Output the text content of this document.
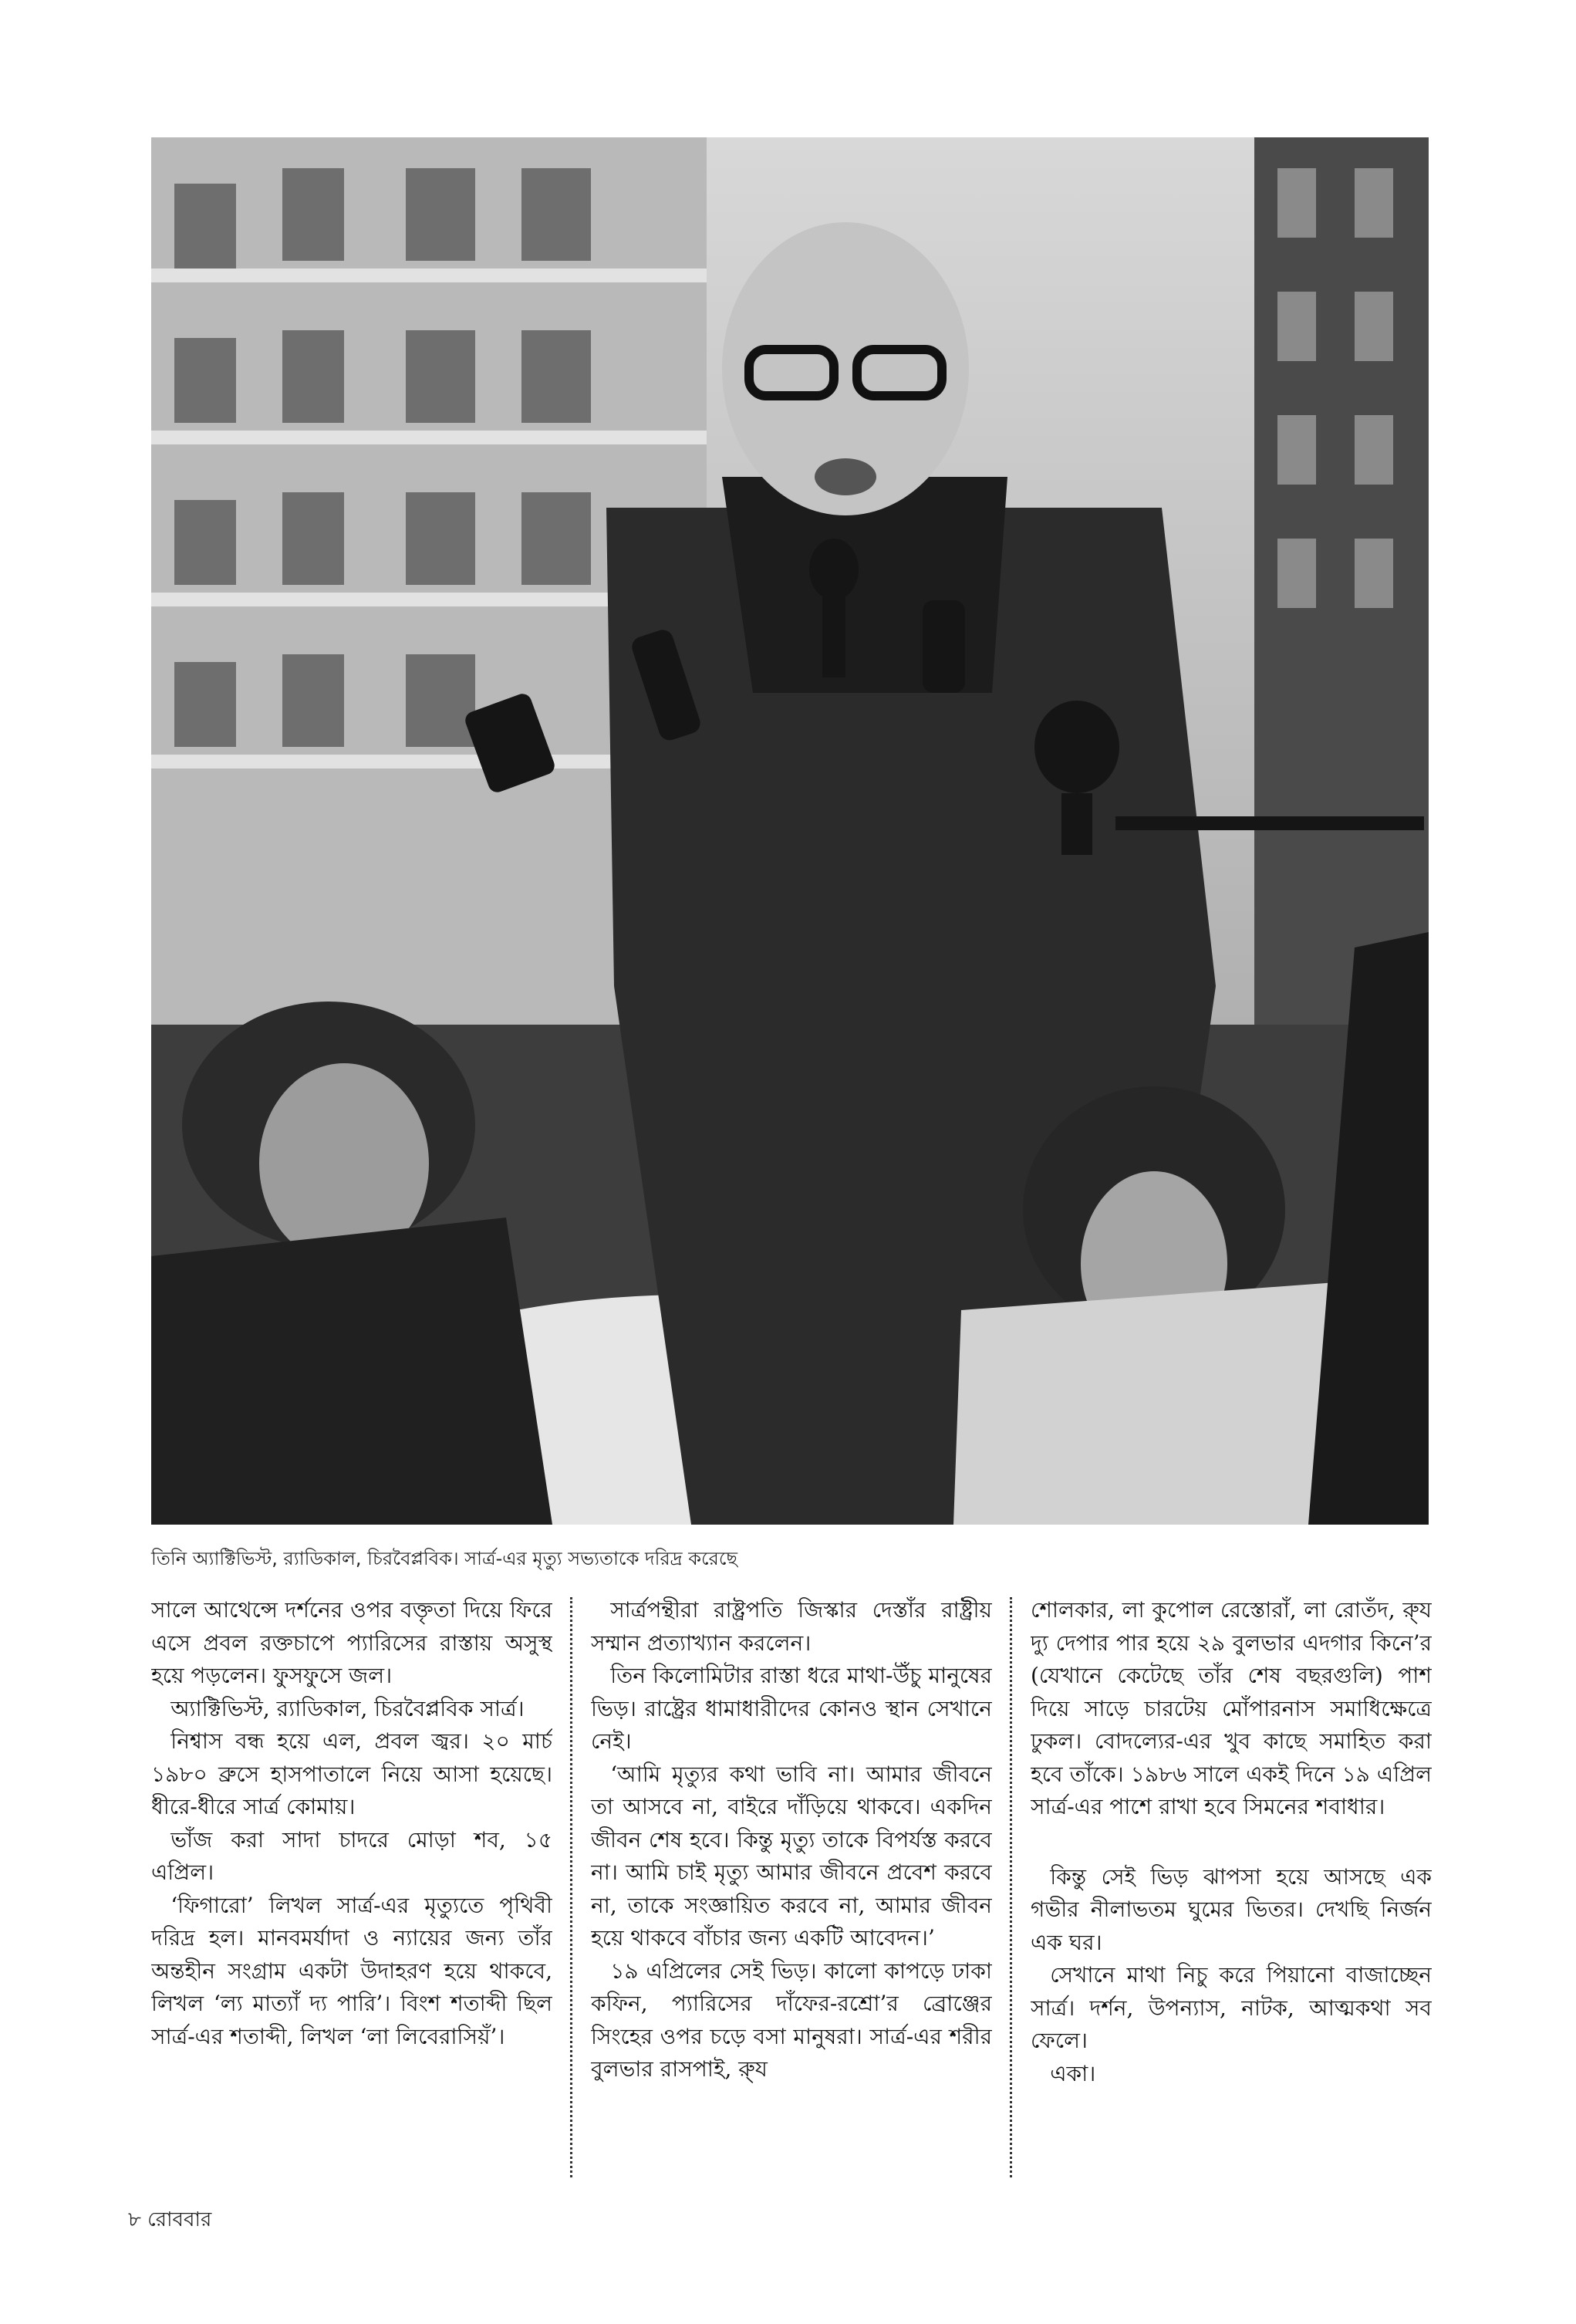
তিনি অ্যাক্টিভিস্ট, র‍্যাডিকাল, চিরবৈপ্লবিক। সার্ত্র-এর মৃত্যু সভ্যতাকে দরিদ্র করেছে

সালে আথেন্সে দর্শনের ওপর বক্তৃতা দিয়ে ফিরে এসে প্রবল রক্তচাপে প্যারিসের রাস্তায় অসুস্থ হয়ে পড়লেন। ফুসফুসে জল।

অ্যাক্টিভিস্ট, র‍্যাডিকাল, চিরবৈপ্লবিক সার্ত্র।

নিশ্বাস বন্ধ হয়ে এল, প্রবল জ্বর। ২০ মার্চ ১৯৮০ ব্রুসে হাসপাতালে নিয়ে আসা হয়েছে। ধীরে-ধীরে সার্ত্র কোমায়।

ভাঁজ করা সাদা চাদরে মোড়া শব, ১৫ এপ্রিল।

‘ফিগারো’ লিখল সার্ত্র-এর মৃত্যুতে পৃথিবী দরিদ্র হল। মানবমর্যাদা ও ন্যায়ের জন্য তাঁর অন্তহীন সংগ্রাম একটা উদাহরণ হয়ে থাকবে, লিখল ‘ল্য মাত্যাঁ দ্য পারি’। বিংশ শতাব্দী ছিল সার্ত্র-এর শতাব্দী, লিখল ‘লা লিবেরাসিয়ঁ’।

সার্ত্রপন্থীরা রাষ্ট্রপতি জিস্কার দেস্তাঁর রাষ্ট্রীয় সম্মান প্রত্যাখ্যান করলেন।

তিন কিলোমিটার রাস্তা ধরে মাথা-উঁচু মানুষের ভিড়। রাষ্ট্রের ধামাধারীদের কোনও স্থান সেখানে নেই।

‘আমি মৃত্যুর কথা ভাবি না। আমার জীবনে তা আসবে না, বাইরে দাঁড়িয়ে থাকবে। একদিন জীবন শেষ হবে। কিন্তু মৃত্যু তাকে বিপর্যস্ত করবে না। আমি চাই মৃত্যু আমার জীবনে প্রবেশ করবে না, তাকে সংজ্ঞায়িত করবে না, আমার জীবন হয়ে থাকবে বাঁচার জন্য একটি আবেদন।’

১৯ এপ্রিলের সেই ভিড়। কালো কাপড়ে ঢাকা কফিন, প্যারিসের দাঁফের-রশ্রো’র ব্রোঞ্জের সিংহের ওপর চড়ে বসা মানুষরা। সার্ত্র-এর শরীর বুলভার রাসপাই, রু্য

শোলকার, লা কুপোল রেস্তোরাঁ, লা রোতঁদ, রু্য দ্যু দেপার পার হয়ে ২৯ বুলভার এদগার কিনে’র (যেখানে কেটেছে তাঁর শেষ বছরগুলি) পাশ দিয়ে সাড়ে চারটেয় মোঁপারনাস সমাধিক্ষেত্রে ঢুকল। বোদল্যের-এর খুব কাছে সমাহিত করা হবে তাঁকে। ১৯৮৬ সালে একই দিনে ১৯ এপ্রিল সার্ত্র-এর পাশে রাখা হবে সিমনের শবাধার।

কিন্তু সেই ভিড় ঝাপসা হয়ে আসছে এক গভীর নীলাভতম ঘুমের ভিতর। দেখছি নির্জন এক ঘর।

সেখানে মাথা নিচু করে পিয়ানো বাজাচ্ছেন সার্ত্র। দর্শন, উপন্যাস, নাটক, আত্মকথা সব ফেলে।

একা।

৮ রোববার
